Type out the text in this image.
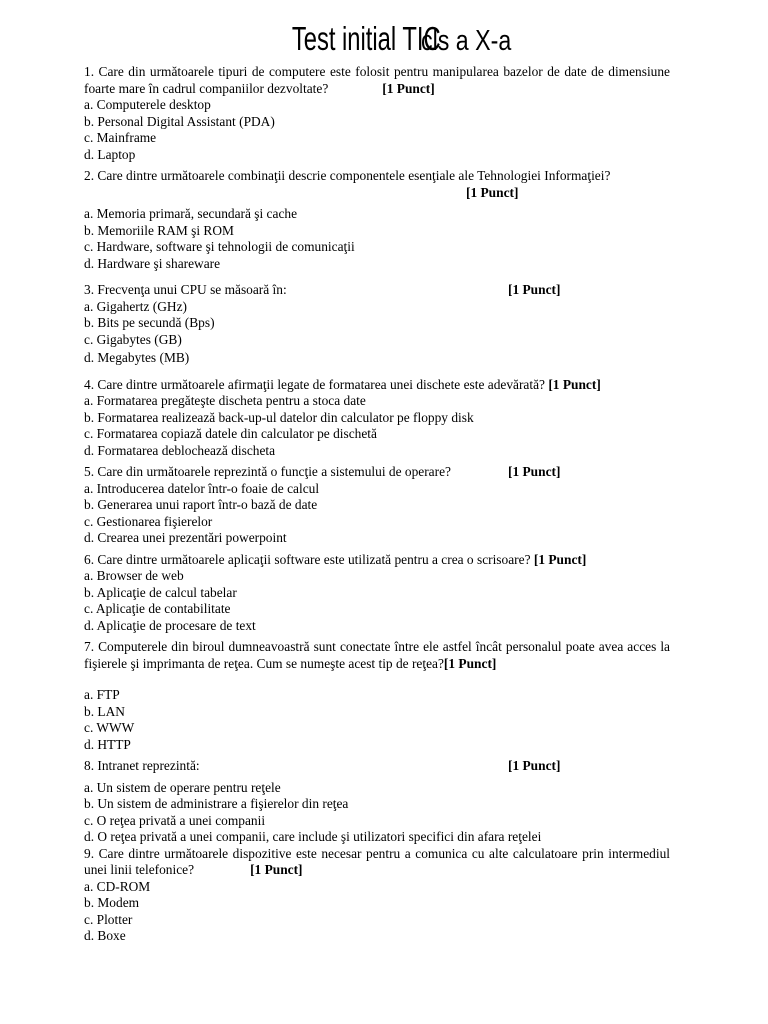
Test initial TICcls a X-a
1. Care din următoarele tipuri de computere este folosit pentru manipularea bazelor de date de dimensiune foarte mare în cadrul companiilor dezvoltate?	[1 Punct]
a. Computerele desktop
b. Personal Digital Assistant (PDA)
c. Mainframe
d. Laptop
2. Care dintre următoarele combinaţii descrie componentele esenţiale ale Tehnologiei Informaţiei?
[1 Punct]
a. Memoria primară, secundară şi cache
b. Memoriile RAM şi ROM
c. Hardware, software şi tehnologii de comunicaţii
d. Hardware şi shareware
3. Frecvenţa unui CPU se măsoară în:	[1 Punct]
a. Gigahertz (GHz)
b. Bits pe secundă (Bps)
c. Gigabytes (GB)
d. Megabytes (MB)
4. Care dintre următoarele afirmaţii legate de formatarea unei dischete este adevărată? [1 Punct]
a. Formatarea pregăteşte discheta pentru a stoca date
b. Formatarea realizează back-up-ul datelor din calculator pe floppy disk
c. Formatarea copiază datele din calculator pe dischetă
d. Formatarea deblochează discheta
5. Care din următoarele reprezintă o funcţie a sistemului de operare?	[1 Punct]
a. Introducerea datelor într-o foaie de calcul
b. Generarea unui raport într-o bază de date
c. Gestionarea fişierelor
d. Crearea unei prezentări powerpoint
6. Care dintre următoarele aplicaţii software este utilizată pentru a crea o scrisoare? [1 Punct]
a. Browser de web
b. Aplicaţie de calcul tabelar
c. Aplicaţie de contabilitate
d. Aplicaţie de procesare de text
7. Computerele din biroul dumneavoastră sunt conectate între ele astfel încât personalul poate avea acces la fişierele şi imprimanta de reţea. Cum se numeşte acest tip de reţea?[1 Punct]
a. FTP
b. LAN
c. WWW
d. HTTP
8. Intranet reprezintă:	[1 Punct]
a. Un sistem de operare pentru reţele
b. Un sistem de administrare a fişierelor din reţea
c. O reţea privată a unei companii
d. O reţea privată a unei companii, care include şi utilizatori specifici din afara reţelei
9. Care dintre următoarele dispozitive este necesar pentru a comunica cu alte calculatoare prin intermediul unei linii telefonice?	[1 Punct]
a. CD-ROM
b. Modem
c. Plotter
d. Boxe
